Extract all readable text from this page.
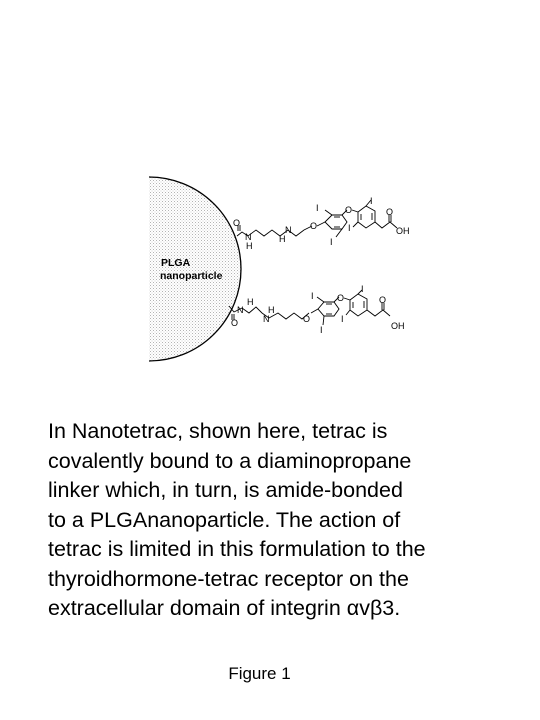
PLGA
nanoparticle
O
N
H
N
H
O
I
I
O
I
I
O
OH
O
N
H
H
N	O
I
I
O
I
I
O
OH

In Nanotetrac, shown here, tetrac is
covalently bound to a diaminopropane
linker which, in turn, is amide-bonded
to a PLGAnanoparticle. The action of
tetrac is limited in this formulation to the
thyroidhormone-tetrac receptor on the
extracellular domain of integrin αvβ3.

Figure 1
